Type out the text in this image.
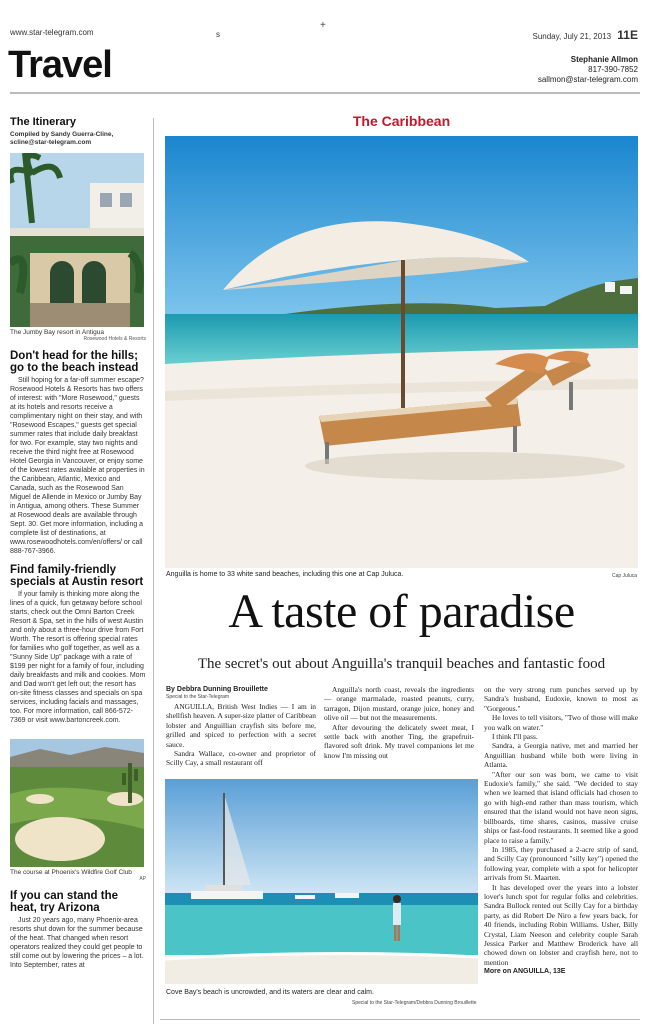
www.star-telegram.com	s
+
Sunday, July 21, 2013 11E
Travel	Stephanie Allmon
817-390-7852
sallmon@star-telegram.com
The Itinerary
Compiled by Sandy Guerra-Cline,
scline@star-telegram.com
The Jumby Bay resort in Antigua
Rosewood Hotels & Resorts
Don't head for the hills; go to the beach instead
Still hoping for a far-off summer escape? Rosewood Hotels & Resorts has two offers of interest: with "More Rosewood," guests at its hotels and resorts receive a complimentary night on their stay, and with "Rosewood Escapes," guests get special summer rates that include daily breakfast for two. For example, stay two nights and receive the third night free at Rosewood Hotel Georgia in Vancouver, or enjoy some of the lowest rates available at properties in the Caribbean, Atlantic, Mexico and Canada, such as the Rosewood San Miguel de Allende in Mexico or Jumby Bay in Antigua, among others. These Summer at Rosewood deals are available through Sept. 30. Get more information, including a complete list of destinations, at www.rosewoodhotels.com/en/offers/ or call 888-767-3966.
Find family-friendly specials at Austin resort
If your family is thinking more along the lines of a quick, fun getaway before school starts, check out the Omni Barton Creek Resort & Spa, set in the hills of west Austin and only about a three-hour drive from Fort Worth. The resort is offering special rates for families who golf together, as well as a "Sunny Side Up" package with a rate of $199 per night for a family of four, including daily breakfasts and milk and cookies. Mom and Dad won't get left out; the resort has on-site fitness classes and specials on spa services, including facials and massages, too. For more information, call 866-572-7369 or visit www.bartoncreek.com.
The course at Phoenix's Wildfire Golf Club
AP
If you can stand the heat, try Arizona
Just 20 years ago, many Phoenix-area resorts shut down for the summer because of the heat. That changed when resort operators realized they could get people to still come out by lowering the prices – a lot. Into September, rates at
The Caribbean
Anguilla is home to 33 white sand beaches, including this one at Cap Juluca.	Cap Juluca
A taste of paradise
The secret's out about Anguilla's tranquil beaches and fantastic food
By Debbra Dunning Brouillette
Special to the Star-Telegram

ANGUILLA, British West Indies — I am in shellfish heaven. A super-size platter of Caribbean lobster and Anguillian crayfish sits before me, grilled and spiced to perfection with a secret sauce.

Sandra Wallace, co-owner and proprietor of Scilly Cay, a small restaurant off

Anguilla's north coast, reveals the ingredients — orange marmalade, roasted peanuts, curry, tarragon, Dijon mustard, orange juice, honey and olive oil — but not the measurements.

After devouring the delicately sweet meat, I settle back with another Ting, the grapefruit-flavored soft drink. My travel companions let me know I'm missing out

on the very strong rum punches served up by Sandra's husband, Eudoxie, known to most as "Gorgeous."

He loves to tell visitors, "Two of those will make you walk on water."

I think I'll pass.

Sandra, a Georgia native, met and married her Anguillian husband while both were living in Atlanta.

"After our son was born, we came to visit Eudoxie's family," she said. "We decided to stay when we learned that island officials had chosen to go with high-end rather than mass tourism, which ensured that the island would not have neon signs, billboards, time shares, casinos, massive cruise ships or fast-food restaurants. It seemed like a good place to raise a family."

In 1985, they purchased a 2-acre strip of sand, and Scilly Cay (pronounced "silly key") opened the following year, complete with a spot for helicopter arrivals from St. Maarten.

It has developed over the years into a lobster lover's lunch spot for regular folks and celebrities. Sandra Bullock rented out Scilly Cay for a birthday party, as did Robert De Niro a few years back, for 40 friends, including Robin Williams. Usher, Billy Crystal, Liam Neeson and celebrity couple Sarah Jessica Parker and Matthew Broderick have all chowed down on lobster and crayfish here, not to mention

More on ANGUILLA, 13E

Cove Bay's beach is uncrowded, and its waters are clear and calm.
Special to the Star-Telegram/Debbra Dunning Brouillette
